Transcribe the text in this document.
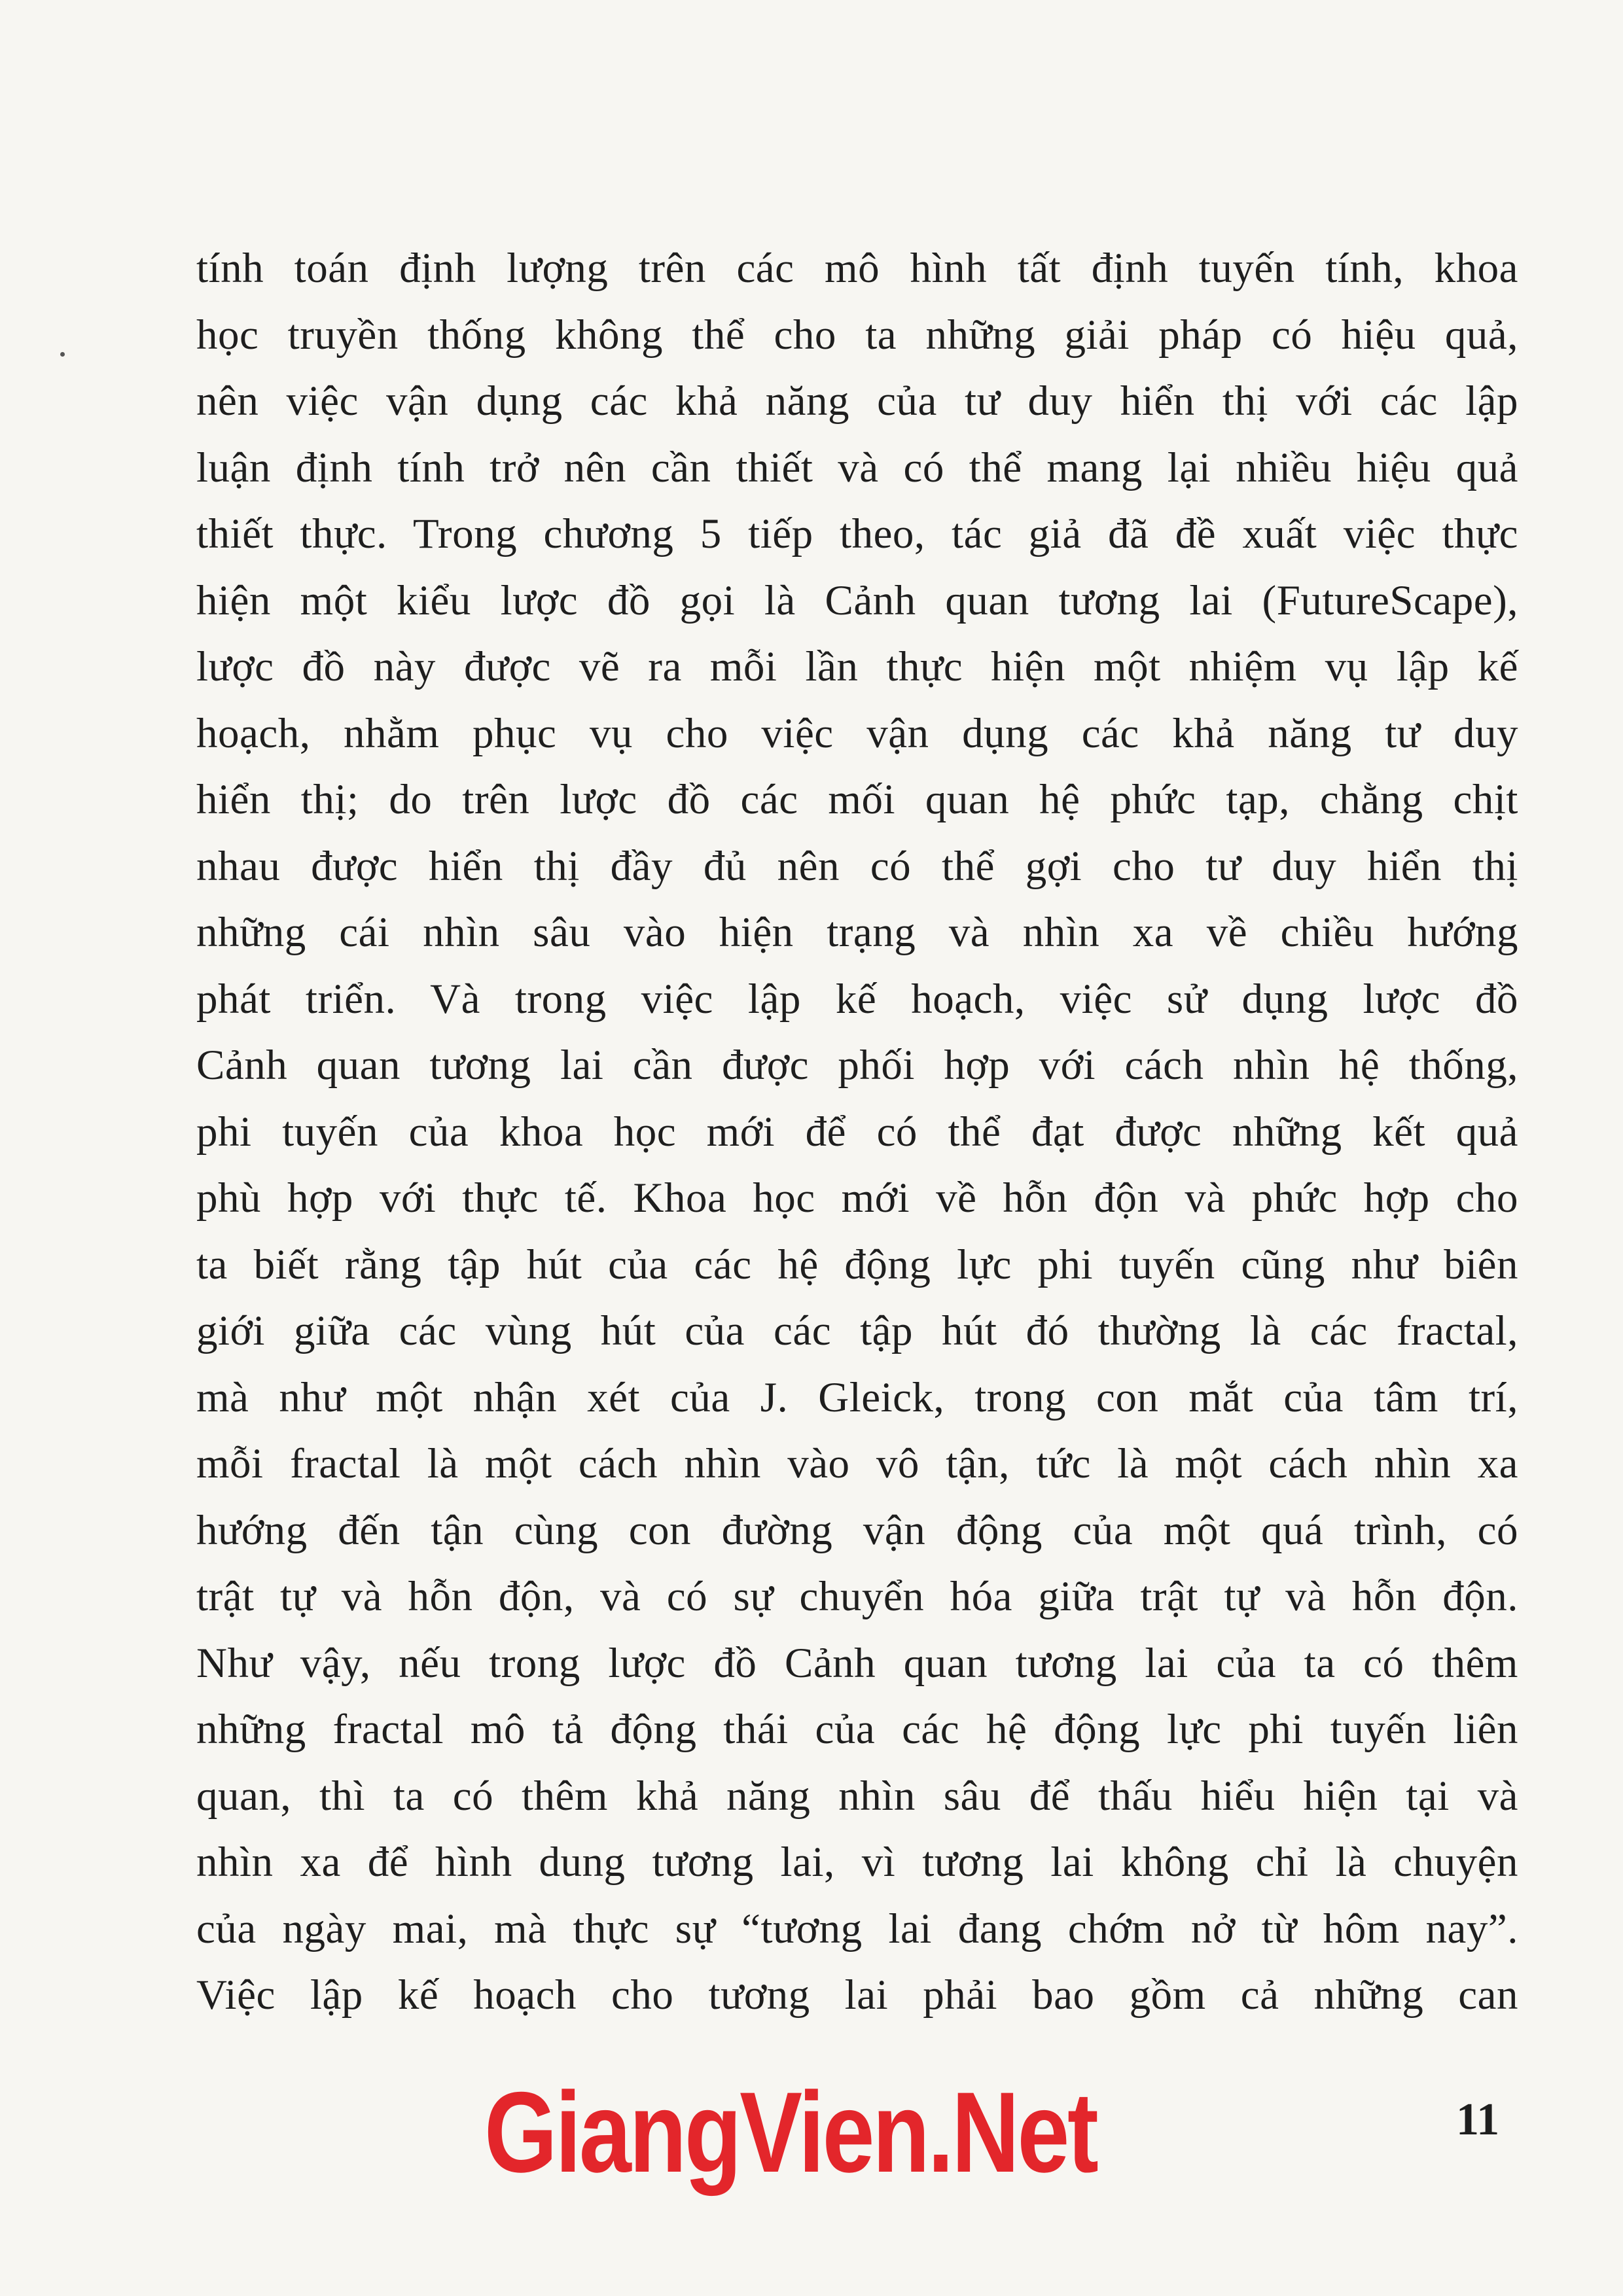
tính toán định lượng trên các mô hình tất định tuyến tính, khoa
học truyền thống không thể cho ta những giải pháp có hiệu quả,
nên việc vận dụng các khả năng của tư duy hiển thị với các lập
luận định tính trở nên cần thiết và có thể mang lại nhiều hiệu quả
thiết thực. Trong chương 5 tiếp theo, tác giả đã đề xuất việc thực
hiện một kiểu lược đồ gọi là Cảnh quan tương lai (FutureScape),
lược đồ này được vẽ ra mỗi lần thực hiện một nhiệm vụ lập kế
hoạch, nhằm phục vụ cho việc vận dụng các khả năng tư duy
hiển thị; do trên lược đồ các mối quan hệ phức tạp, chằng chịt
nhau được hiển thị đầy đủ nên có thể gợi cho tư duy hiển thị
những cái nhìn sâu vào hiện trạng và nhìn xa về chiều hướng
phát triển. Và trong việc lập kế hoạch, việc sử dụng lược đồ
Cảnh quan tương lai cần được phối hợp với cách nhìn hệ thống,
phi tuyến của khoa học mới để có thể đạt được những kết quả
phù hợp với thực tế. Khoa học mới về hỗn độn và phức hợp cho
ta biết rằng tập hút của các hệ động lực phi tuyến cũng như biên
giới giữa các vùng hút của các tập hút đó thường là các fractal,
mà như một nhận xét của J. Gleick, trong con mắt của tâm trí,
mỗi fractal là một cách nhìn vào vô tận, tức là một cách nhìn xa
hướng đến tận cùng con đường vận động của một quá trình, có
trật tự và hỗn độn, và có sự chuyển hóa giữa trật tự và hỗn độn.
Như vậy, nếu trong lược đồ Cảnh quan tương lai của ta có thêm
những fractal mô tả động thái của các hệ động lực phi tuyến liên
quan, thì ta có thêm khả năng nhìn sâu để thấu hiểu hiện tại và
nhìn xa để hình dung tương lai, vì tương lai không chỉ là chuyện
của ngày mai, mà thực sự “tương lai đang chớm nở từ hôm nay”.
Việc lập kế hoạch cho tương lai phải bao gồm cả những can
GiangVien.Net	11
